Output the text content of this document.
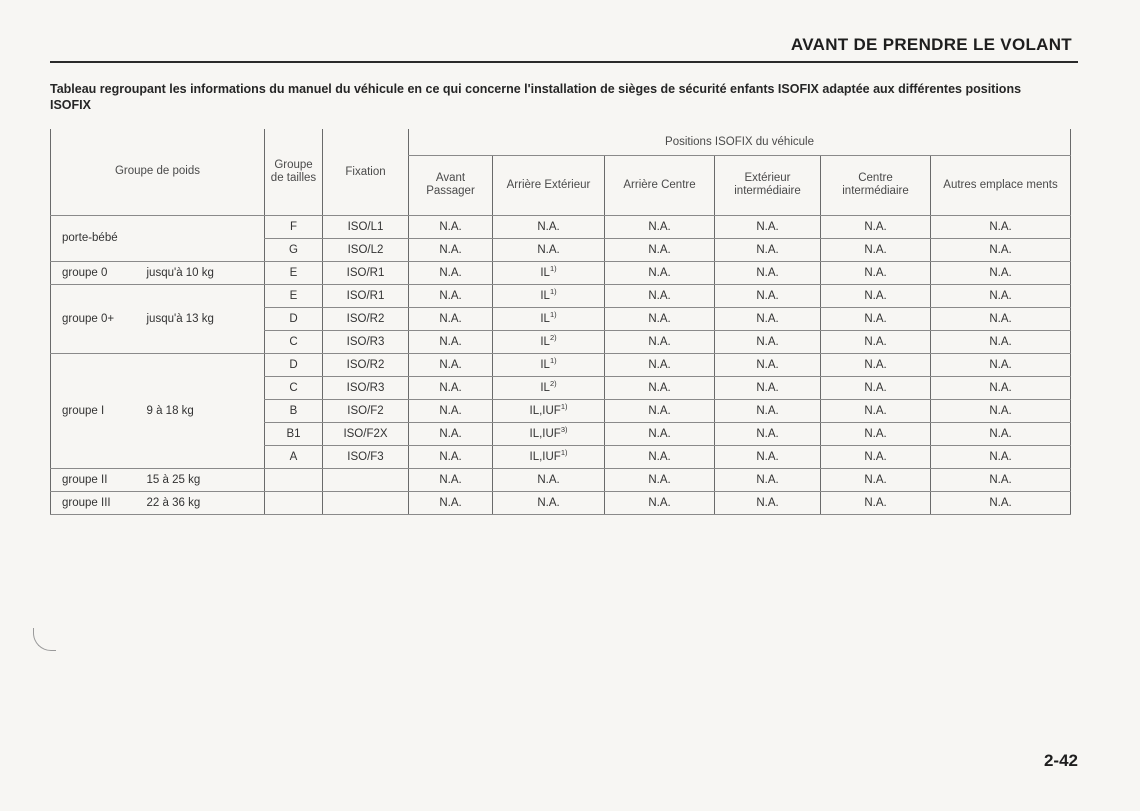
AVANT DE PRENDRE LE VOLANT
Tableau regroupant les informations du manuel du véhicule en ce qui concerne l'installation de sièges de sécurité enfants ISOFIX adaptée aux différentes positions ISOFIX
Groupe de poids		Groupe de tailles	Fixation	Positions ISOFIX du véhicule					
				Avant Passager	Arrière Extérieur	Arrière Centre	Extérieur intermédiaire	Centre intermédiaire	Autres emplace ments
porte-bébé		F	ISO/L1	N.A.	N.A.	N.A.	N.A.	N.A.	N.A.
		G	ISO/L2	N.A.	N.A.	N.A.	N.A.	N.A.	N.A.
groupe 0	jusqu'à 10 kg	E	ISO/R1	N.A.	IL$^{1)}$	N.A.	N.A.	N.A.	N.A.
groupe 0+	jusqu'à 13 kg	E	ISO/R1	N.A.	IL$^{1)}$	N.A.	N.A.	N.A.	N.A.
		D	ISO/R2	N.A.	IL$^{1)}$	N.A.	N.A.	N.A.	N.A.
		C	ISO/R3	N.A.	IL$^{2)}$	N.A.	N.A.	N.A.	N.A.
groupe I	9 à 18 kg	D	ISO/R2	N.A.	IL$^{1)}$	N.A.	N.A.	N.A.	N.A.
		C	ISO/R3	N.A.	IL$^{2)}$	N.A.	N.A.	N.A.	N.A.
		B	ISO/F2	N.A.	IL,IUF$^{1)}$	N.A.	N.A.	N.A.	N.A.
		B1	ISO/F2X	N.A.	IL,IUF$^{3)}$	N.A.	N.A.	N.A.	N.A.
		A	ISO/F3	N.A.	IL,IUF$^{1)}$	N.A.	N.A.	N.A.	N.A.
groupe II	15 à 25 kg			N.A.	N.A.	N.A.	N.A.	N.A.	N.A.
groupe III	22 à 36 kg			N.A.	N.A.	N.A.	N.A.	N.A.	N.A.
2-42
